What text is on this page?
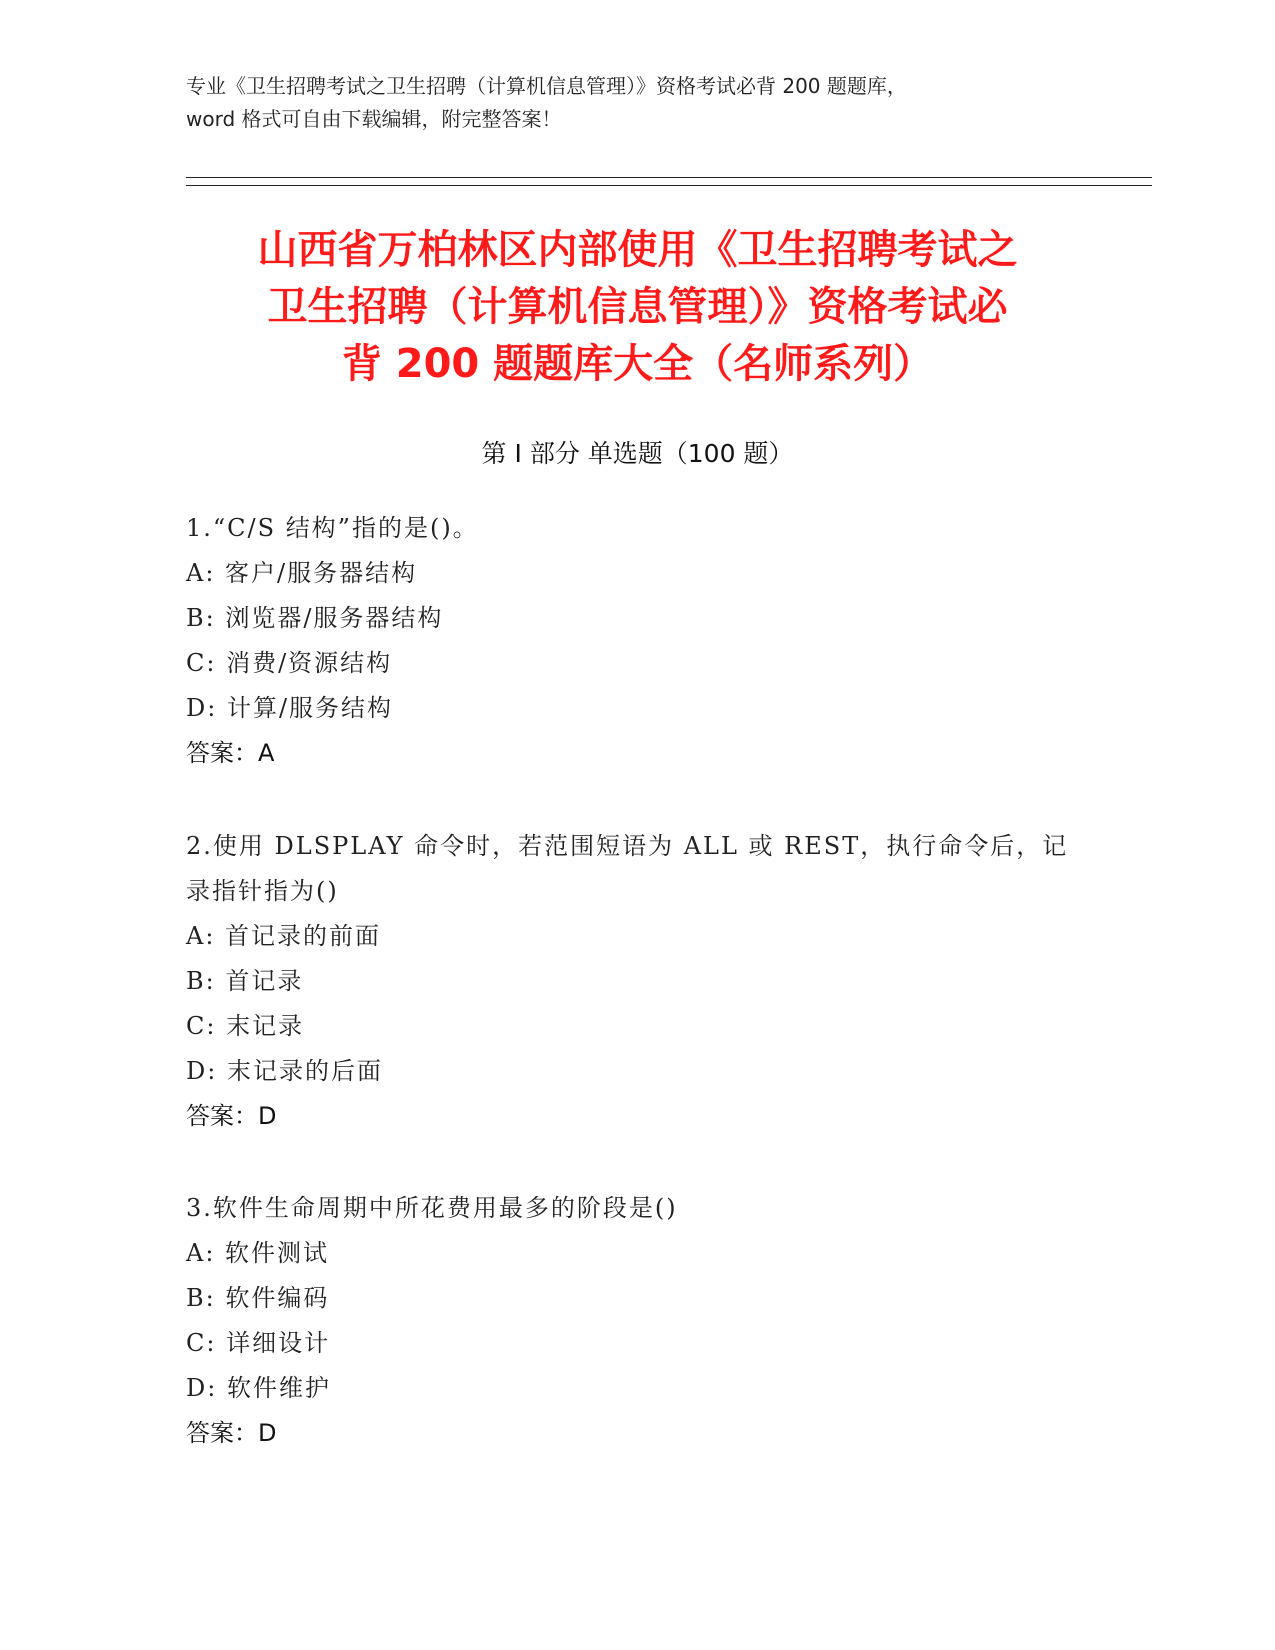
专业《卫生招聘考试之卫生招聘（计算机信息管理）》资格考试必背 200 题题库，
word 格式可自由下载编辑，附完整答案！
山西省万柏林区内部使用《卫生招聘考试之
卫生招聘（计算机信息管理）》资格考试必
背 200 题题库大全（名师系列）
第 I 部分 单选题（100 题）
1.“C/S 结构”指的是()。
A: 客户/服务器结构
B: 浏览器/服务器结构
C: 消费/资源结构
D: 计算/服务结构
答案：A
2.使用 DLSPLAY 命令时，若范围短语为 ALL 或 REST，执行命令后，记
录指针指为()
A: 首记录的前面
B: 首记录
C: 末记录
D: 末记录的后面
答案：D
3.软件生命周期中所花费用最多的阶段是()
A: 软件测试
B: 软件编码
C: 详细设计
D: 软件维护
答案：D
